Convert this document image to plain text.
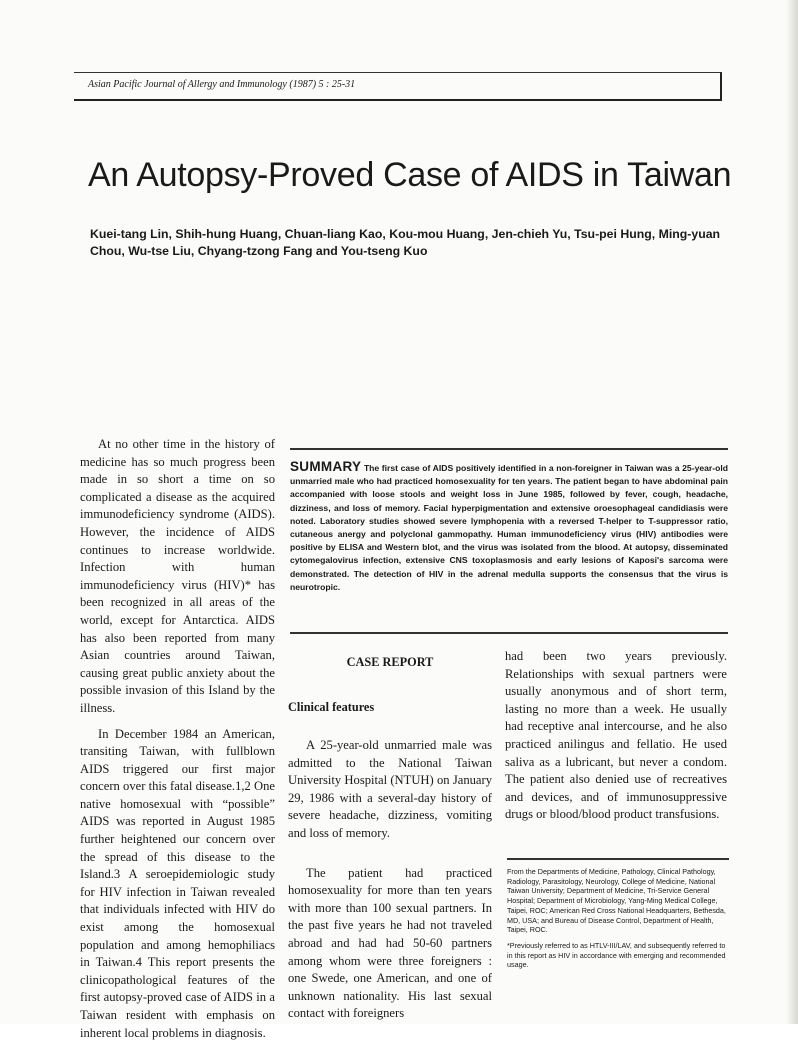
Asian Pacific Journal of Allergy and Immunology (1987) 5 : 25-31
An Autopsy-Proved Case of AIDS in Taiwan
Kuei-tang Lin, Shih-hung Huang, Chuan-liang Kao, Kou-mou Huang, Jen-chieh Yu, Tsu-pei Hung, Ming-yuan Chou, Wu-tse Liu, Chyang-tzong Fang and You-tseng Kuo

At no other time in the history of medicine has so much progress been made in so short a time on so complicated a disease as the acquired immunodeficiency syndrome (AIDS). However, the incidence of AIDS continues to increase worldwide. Infection with human immunodeficiency virus (HIV)* has been recognized in all areas of the world, except for Antarctica. AIDS has also been reported from many Asian countries around Taiwan, causing great public anxiety about the possible invasion of this Island by the illness.

In December 1984 an American, transiting Taiwan, with fullblown AIDS triggered our first major concern over this fatal disease.1,2 One native homosexual with “possible” AIDS was reported in August 1985 further heightened our concern over the spread of this disease to the Island.3 A seroepidemiologic study for HIV infection in Taiwan revealed that individuals infected with HIV do exist among the homosexual population and among hemophiliacs in Taiwan.4 This report presents the clinicopathological features of the first autopsy-proved case of AIDS in a Taiwan resident with emphasis on inherent local problems in diagnosis.

SUMMARY The first case of AIDS positively identified in a non-foreigner in Taiwan was a 25-year-old unmarried male who had practiced homosexuality for ten years. The patient began to have abdominal pain accompanied with loose stools and weight loss in June 1985, followed by fever, cough, headache, dizziness, and loss of memory. Facial hyperpigmentation and extensive oroesophageal candidiasis were noted. Laboratory studies showed severe lymphopenia with a reversed T-helper to T-suppressor ratio, cutaneous anergy and polyclonal gammopathy. Human immunodeficiency virus (HIV) antibodies were positive by ELISA and Western blot, and the virus was isolated from the blood. At autopsy, disseminated cytomegalovirus infection, extensive CNS toxoplasmosis and early lesions of Kaposi's sarcoma were demonstrated. The detection of HIV in the adrenal medulla supports the consensus that the virus is neurotropic.
CASE REPORT
Clinical features

A 25-year-old unmarried male was admitted to the National Taiwan University Hospital (NTUH) on January 29, 1986 with a several-day history of severe headache, dizziness, vomiting and loss of memory.

The patient had practiced homosexuality for more than ten years with more than 100 sexual partners. In the past five years he had not traveled abroad and had had 50-60 partners among whom were three foreigners : one Swede, one American, and one of unknown nationality. His last sexual contact with foreigners

had been two years previously. Relationships with sexual partners were usually anonymous and of short term, lasting no more than a week. He usually had receptive anal intercourse, and he also practiced anilingus and fellatio. He used saliva as a lubricant, but never a condom. The patient also denied use of recreatives and devices, and of immunosuppressive drugs or blood/blood product transfusions.

From the Departments of Medicine, Pathology, Clinical Pathology, Radiology, Parasitology, Neurology, College of Medicine, National Taiwan University; Department of Medicine, Tri-Service General Hospital; Department of Microbiology, Yang-Ming Medical College, Taipei, ROC; American Red Cross National Headquarters, Bethesda, MD, USA; and Bureau of Disease Control, Department of Health, Taipei, ROC.

*Previously referred to as HTLV-III/LAV, and subsequently referred to in this report as HIV in accordance with emerging and recommended usage.
